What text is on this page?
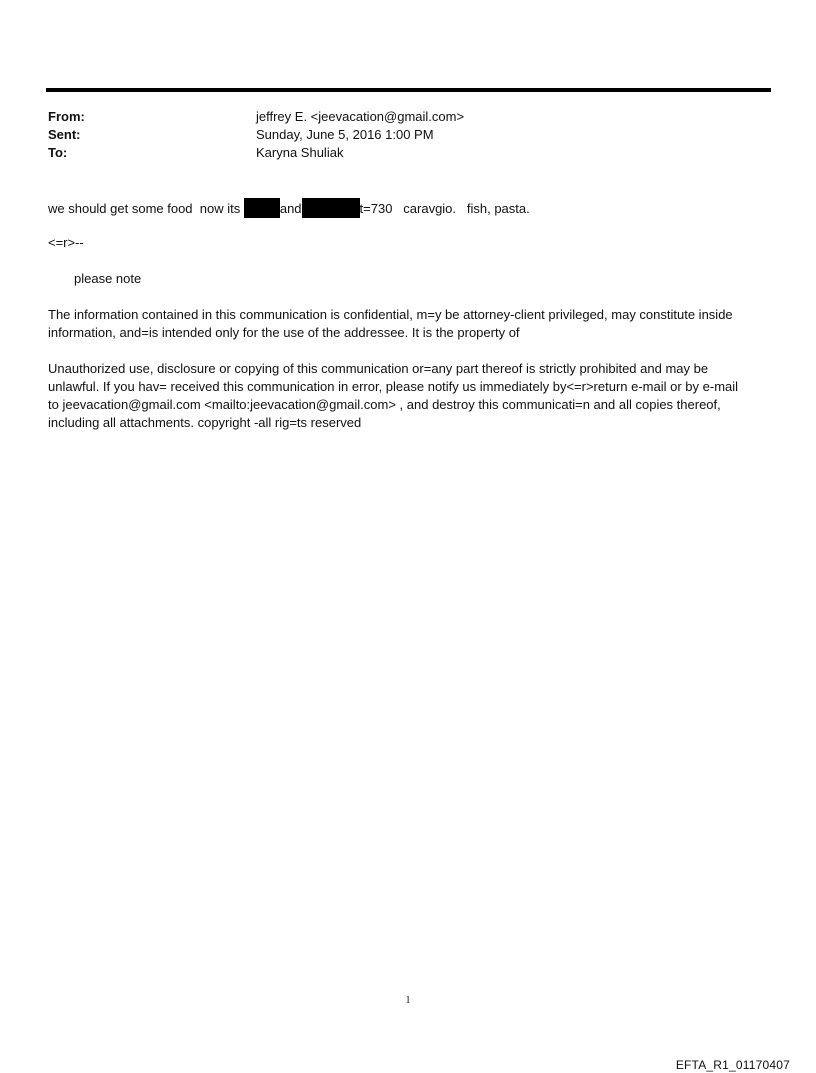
From:	jeffrey E. <jeevacation@gmail.com>
Sent:	Sunday, June 5, 2016 1:00 PM
To:	Karyna Shuliak
we should get some food  now its	and	t=730   caravgio.   fish, pasta.
<=r>--
please note
The information contained in this communication is confidential, m=y be attorney-client privileged, may constitute inside information, and=is intended only for the use of the addressee. It is the property of
Unauthorized use, disclosure or copying of this communication or=any part thereof is strictly prohibited and may be unlawful. If you hav= received this communication in error, please notify us immediately by<=r>return e-mail or by e-mail to jeevacation@gmail.com <mailto:jeevacation@gmail.com> , and destroy this communicati=n and all copies thereof, including all attachments. copyright -all rig=ts reserved
1
EFTA_R1_01170407
